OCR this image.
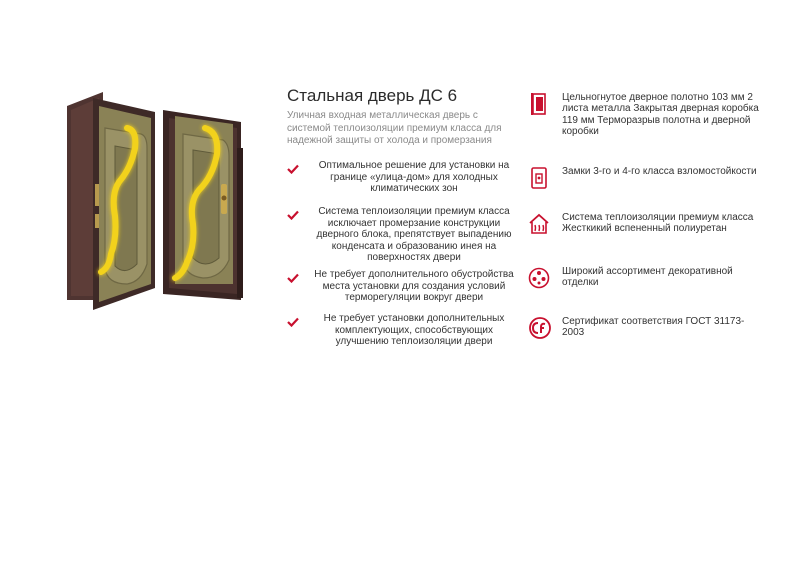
Стальная дверь ДС 6

Уличная входная металлическая дверь с системой теплоизоляции премиум класса для надежной защиты от холода и промерзания

Оптимальное решение для установки на границе «улица-дом» для холодных климатических зон
Система теплоизоляции премиум класса исключает промерзание конструкции дверного блока, препятствует выпадению конденсата и образованию инея на поверхностях двери
Не требует дополнительного обустройства места установки для создания условий терморегуляции вокруг двери
Не требует установки дополнительных комплектующих, способствующих улучшению теплоизоляции двери
Цельногнутое дверное полотно 103 мм 2 листа металла Закрытая дверная коробка 119 мм Терморазрыв полотна и дверной коробки
Замки 3-го и 4-го класса взломостойкости
Система теплоизоляции премиум класса Жесткикий вспененный полиуретан
Широкий ассортимент декоративной отделки
Сертификат соответствия ГОСТ 31173-2003
